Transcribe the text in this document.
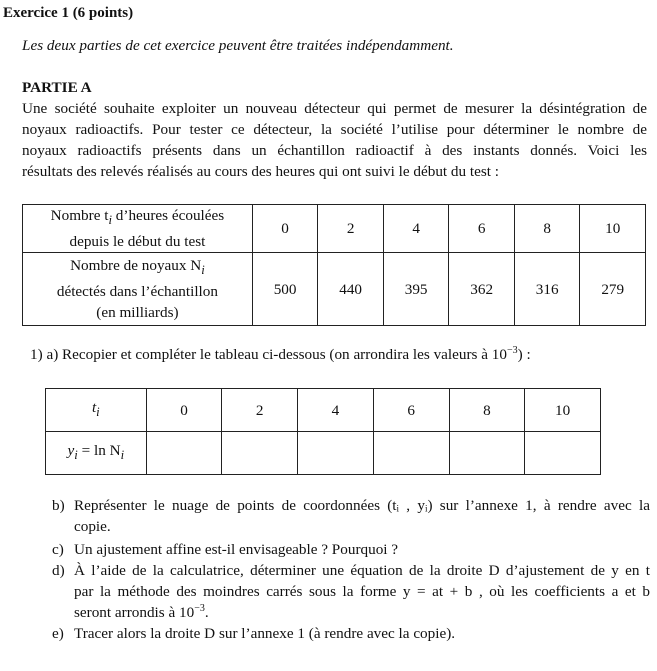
Exercice 1 (6 points)
Les deux parties de cet exercice peuvent être traitées indépendamment.
PARTIE A
Une société souhaite exploiter un nouveau détecteur qui permet de mesurer la désintégration de
noyaux radioactifs. Pour tester ce détecteur, la société l’utilise pour déterminer le nombre de
noyaux radioactifs présents dans un échantillon radioactif à des instants donnés. Voici les
résultats des relevés réalisés au cours des heures qui ont suivi le début du test :
Nombre $t_i$ d’heures écoulées
depuis le début du test	0	2	4	6	8	10
Nombre de noyaux $N_i$
détectés dans l’échantillon
(en milliards)	500	440	395	362	316	279
1) a) Recopier et compléter le tableau ci-dessous (on arrondira les valeurs à $10^{-3}$) :
$t_i$	0	2	4	6	8	10
$y_i = \ln N_i$						
b) Représenter le nuage de points de coordonnées (tᵢ , yᵢ) sur l’annexe 1, à rendre avec la
copie.
c) Un ajustement affine est-il envisageable ? Pourquoi ?
d) À l’aide de la calculatrice, déterminer une équation de la droite D d’ajustement de y en t
par la méthode des moindres carrés sous la forme y = at + b , où les coefficients a et b
seront arrondis à $10^{-3}$.
e) Tracer alors la droite D sur l’annexe 1 (à rendre avec la copie).
